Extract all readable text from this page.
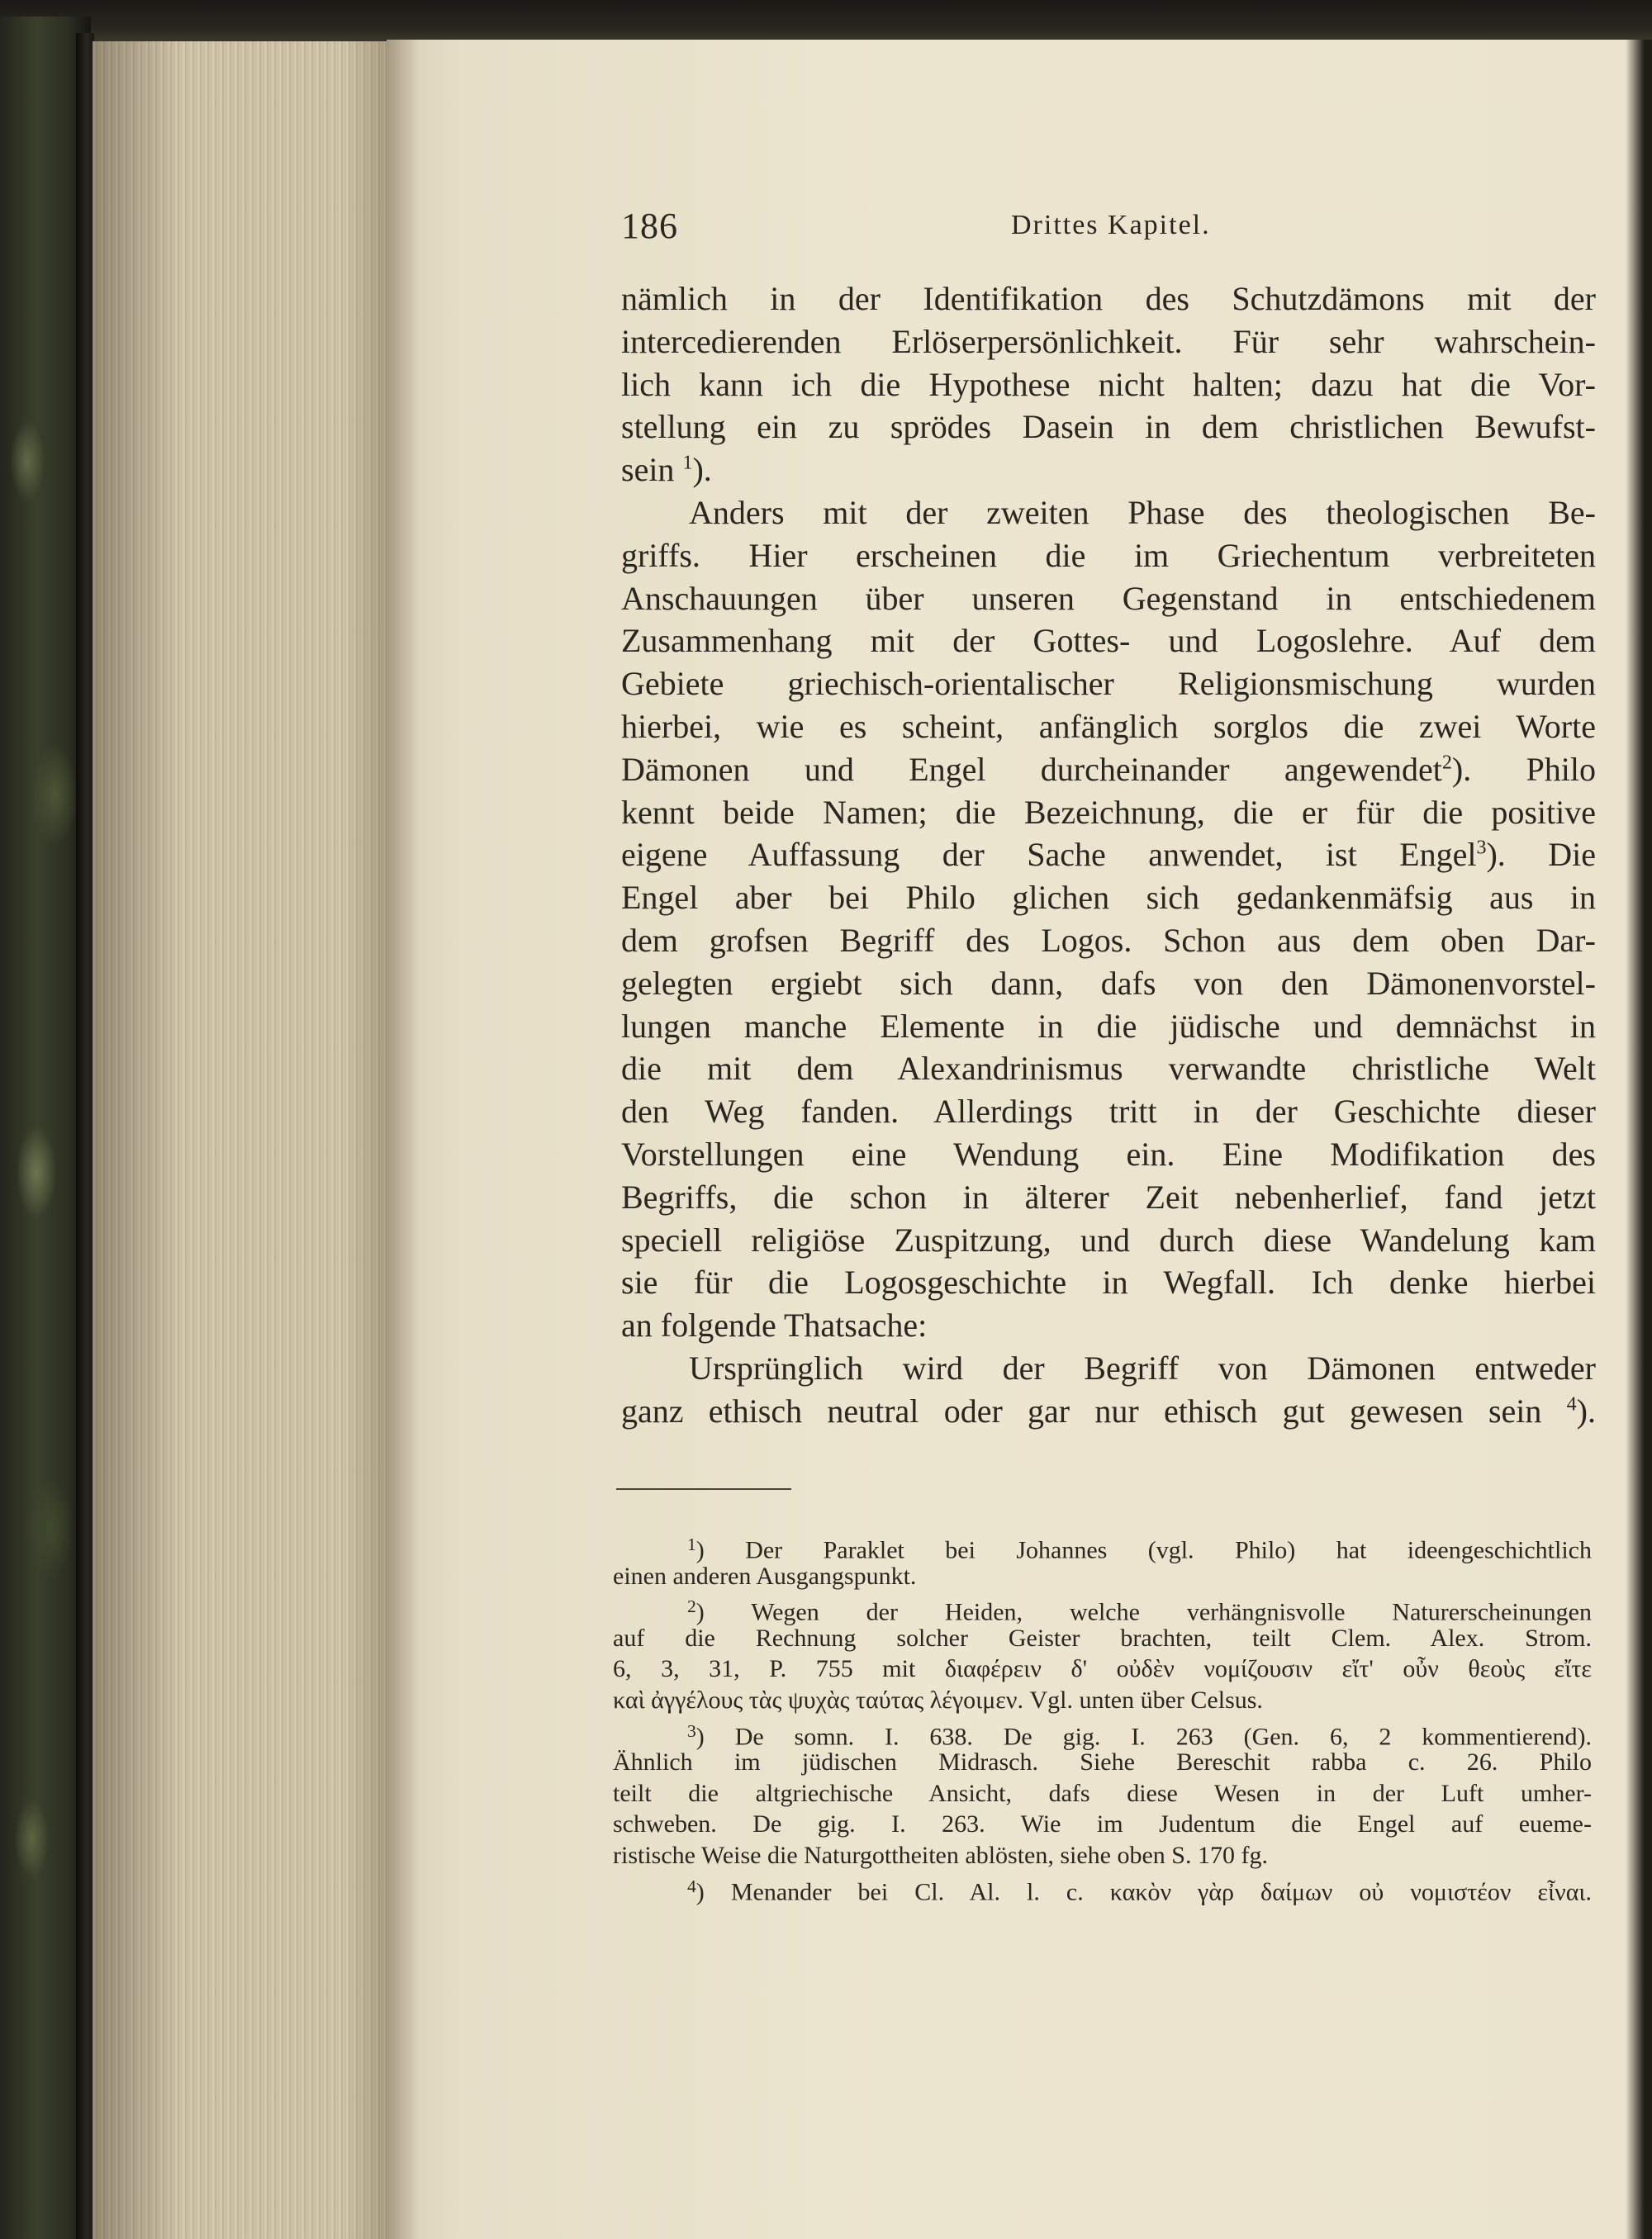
186	Drittes Kapitel.
nämlich in der Identifikation des Schutzdämons mit der
intercedierenden Erlöserpersönlichkeit. Für sehr wahrschein-
lich kann ich die Hypothese nicht halten; dazu hat die Vor-
stellung ein zu sprödes Dasein in dem christlichen Bewufst-
sein $^1$).
Anders mit der zweiten Phase des theologischen Be-
griffs. Hier erscheinen die im Griechentum verbreiteten
Anschauungen über unseren Gegenstand in entschiedenem
Zusammenhang mit der Gottes- und Logoslehre. Auf dem
Gebiete griechisch-orientalischer Religionsmischung wurden
hierbei, wie es scheint, anfänglich sorglos die zwei Worte
Dämonen und Engel durcheinander angewendet$^2$). Philo
kennt beide Namen; die Bezeichnung, die er für die positive
eigene Auffassung der Sache anwendet, ist Engel$^3$). Die
Engel aber bei Philo glichen sich gedankenmäfsig aus in
dem grofsen Begriff des Logos. Schon aus dem oben Dar-
gelegten ergiebt sich dann, dafs von den Dämonenvorstel-
lungen manche Elemente in die jüdische und demnächst in
die mit dem Alexandrinismus verwandte christliche Welt
den Weg fanden. Allerdings tritt in der Geschichte dieser
Vorstellungen eine Wendung ein. Eine Modifikation des
Begriffs, die schon in älterer Zeit nebenherlief, fand jetzt
speciell religiöse Zuspitzung, und durch diese Wandelung kam
sie für die Logosgeschichte in Wegfall. Ich denke hierbei
an folgende Thatsache:
Ursprünglich wird der Begriff von Dämonen entweder
ganz ethisch neutral oder gar nur ethisch gut gewesen sein $^4$).
$^1$) Der Paraklet bei Johannes (vgl. Philo) hat ideengeschichtlich
einen anderen Ausgangspunkt.
$^2$) Wegen der Heiden, welche verhängnisvolle Naturerscheinungen
auf die Rechnung solcher Geister brachten, teilt Clem. Alex. Strom.
6, 3, 31, P. 755 mit διαφέρειν δ' οὐδὲν νομίζουσιν εἴτ' οὖν θεοὺς εἴτε
καὶ ἀγγέλους τὰς ψυχὰς ταύτας λέγοιμεν. Vgl. unten über Celsus.
$^3$) De somn. I. 638. De gig. I. 263 (Gen. 6, 2 kommentierend).
Ähnlich im jüdischen Midrasch. Siehe Bereschit rabba c. 26. Philo
teilt die altgriechische Ansicht, dafs diese Wesen in der Luft umher-
schweben. De gig. I. 263. Wie im Judentum die Engel auf eueme-
ristische Weise die Naturgottheiten ablösten, siehe oben S. 170 fg.
$^4$) Menander bei Cl. Al. l. c. κακὸν γὰρ δαίμων οὐ νομιστέον εἶναι.
